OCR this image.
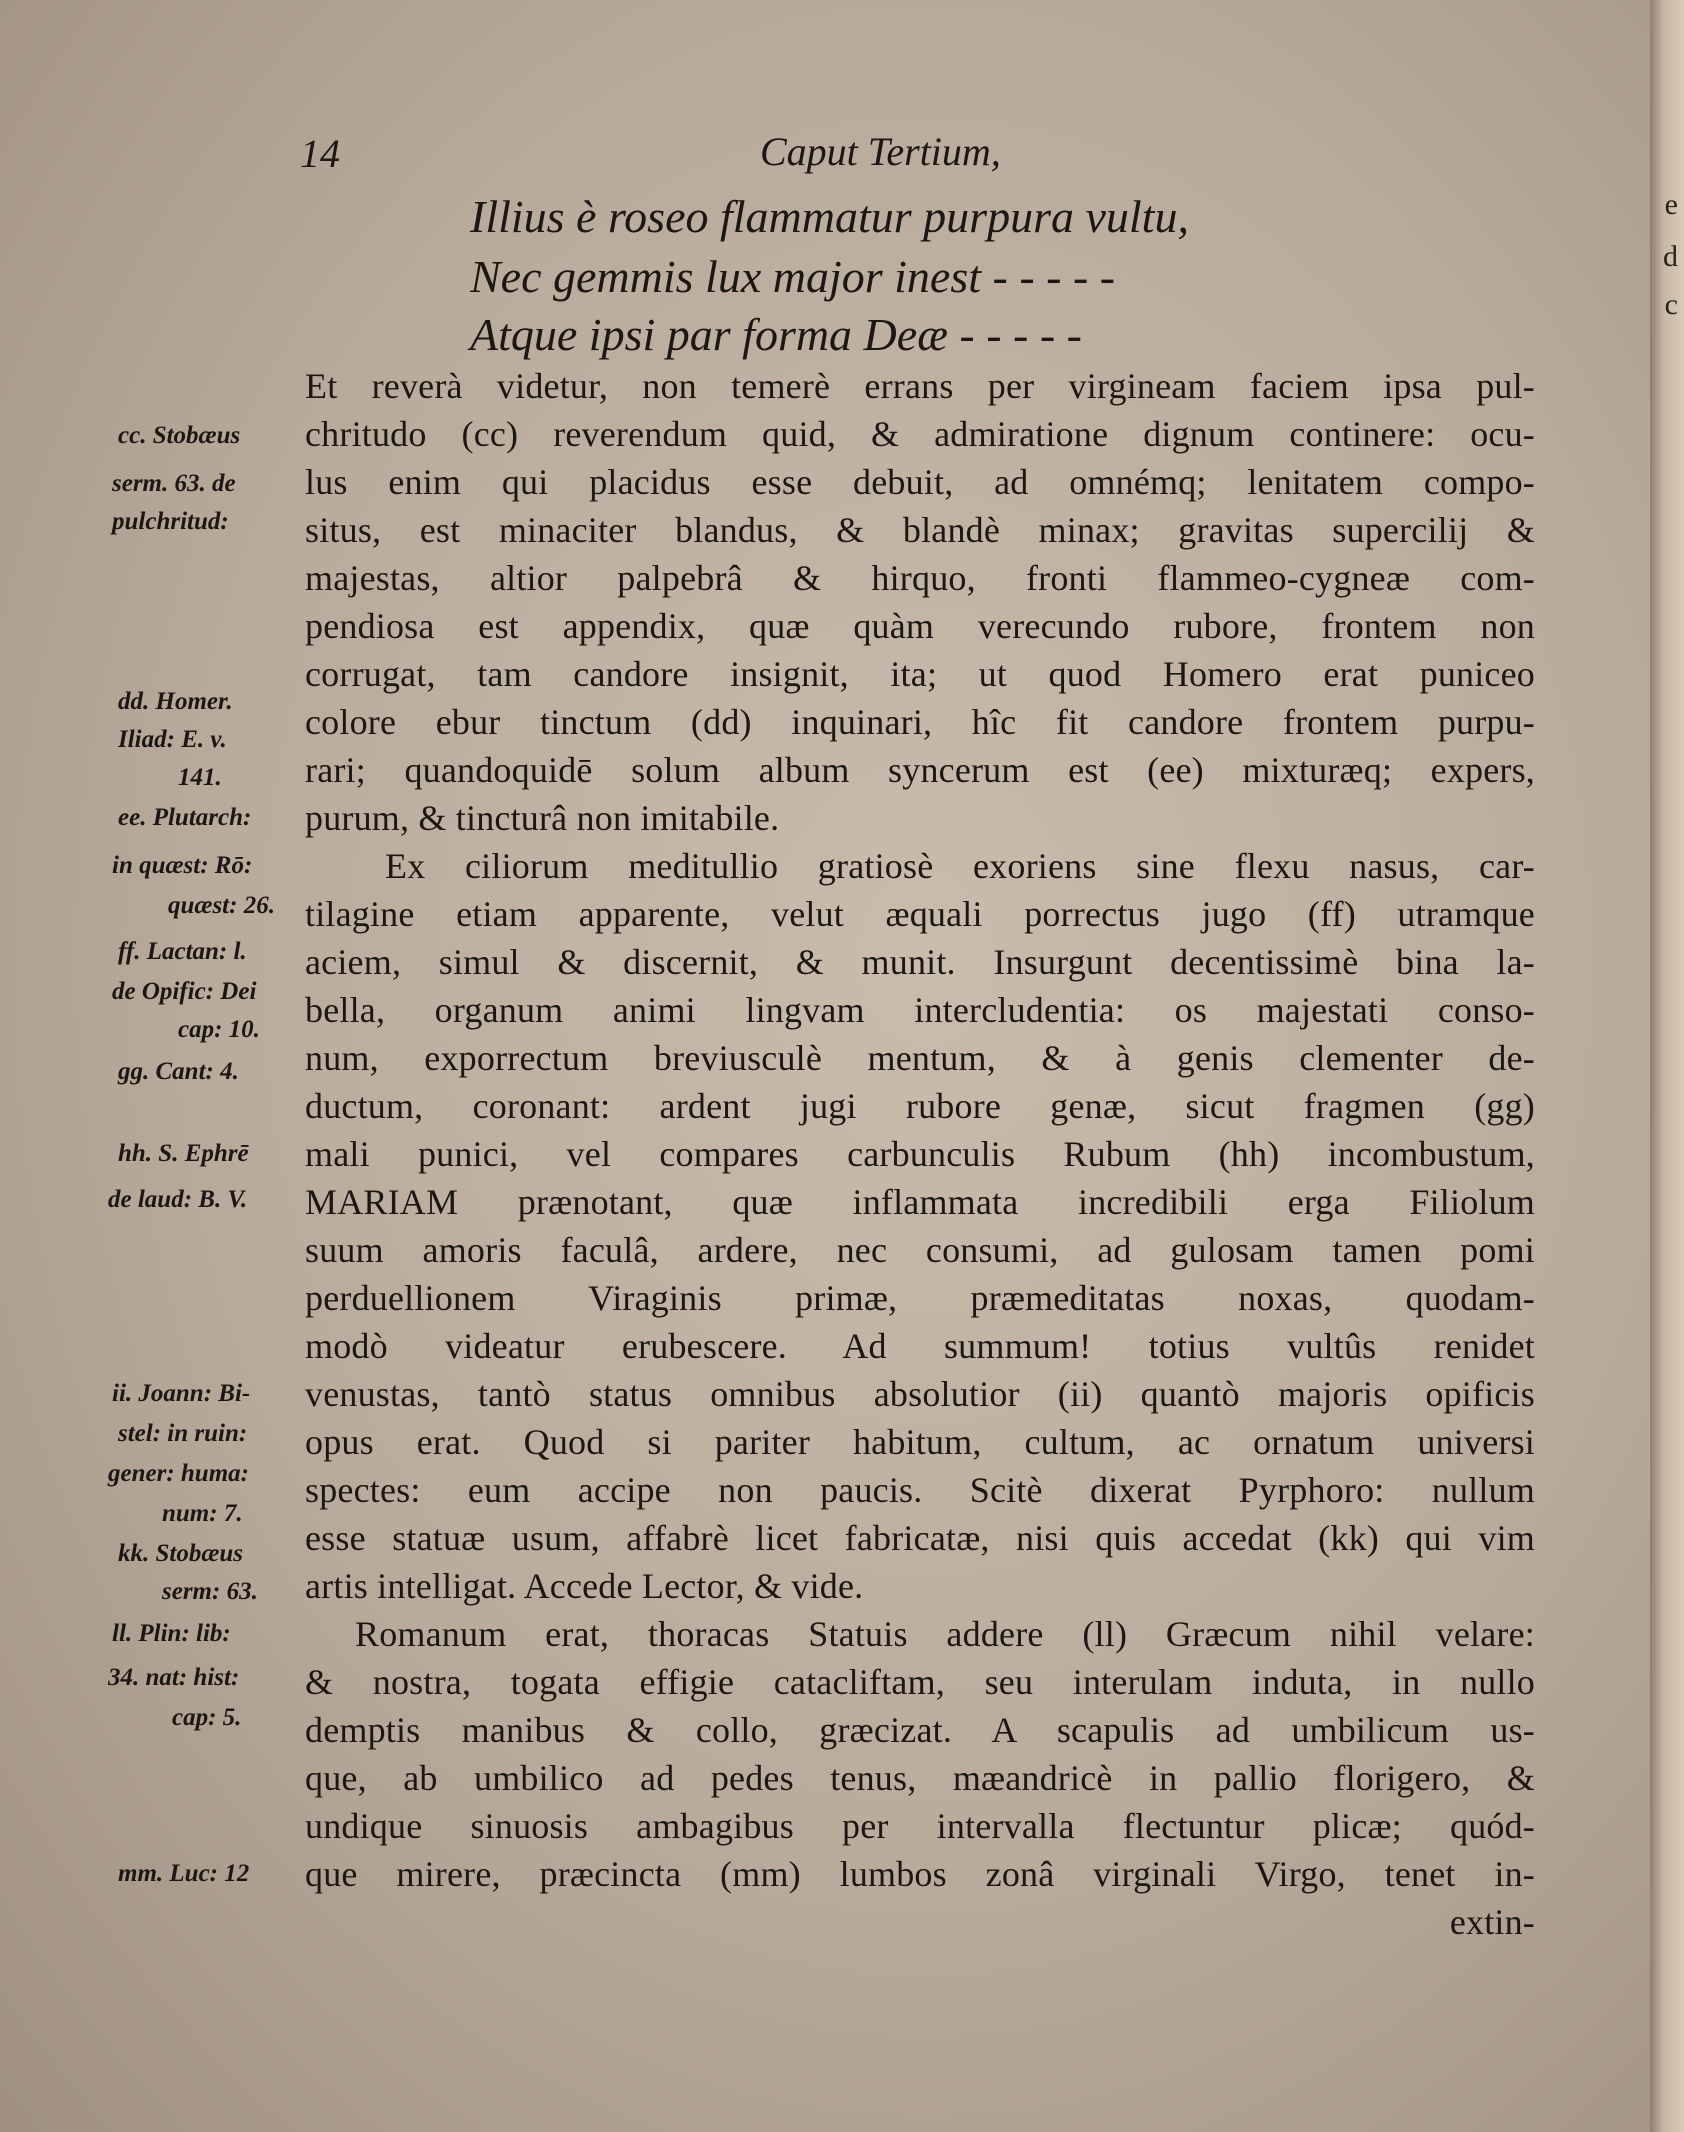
e
d
c
14	Caput Tertium,
Illius è roseo flammatur purpura vultu,
Nec gemmis lux major inest - - - - -
Atque ipsi par forma Deæ - - - - -
Et reverà videtur, non temerè errans per virgineam faciem ipsa pul-
chritudo (cc) reverendum quid, & admiratione dignum continere: ocu-
lus enim qui placidus esse debuit, ad omnémq; lenitatem compo-
situs, est minaciter blandus, & blandè minax; gravitas supercilij &
majestas, altior palpebrâ & hirquo, fronti flammeo-cygneæ com-
pendiosa est appendix, quæ quàm verecundo rubore, frontem non
corrugat, tam candore insignit, ita; ut quod Homero erat puniceo
colore ebur tinctum (dd) inquinari, hîc fit candore frontem purpu-
rari; quandoquidē solum album syncerum est (ee) mixturæq; expers,
purum, & tincturâ non imitabile.
Ex ciliorum meditullio gratiosè exoriens sine flexu nasus, car-
tilagine etiam apparente, velut æquali porrectus jugo (ff) utramque
aciem, simul & discernit, & munit. Insurgunt decentissimè bina la-
bella, organum animi lingvam intercludentia: os majestati conso-
num, exporrectum breviusculè mentum, & à genis clementer de-
ductum, coronant: ardent jugi rubore genæ, sicut fragmen (gg)
mali punici, vel compares carbunculis Rubum (hh) incombustum,
MARIAM prænotant, quæ inflammata incredibili erga Filiolum
suum amoris faculâ, ardere, nec consumi, ad gulosam tamen pomi
perduellionem Viraginis primæ, præmeditatas noxas, quodam-
modò videatur erubescere. Ad summum! totius vultûs renidet
venustas, tantò status omnibus absolutior (ii) quantò majoris opificis
opus erat. Quod si pariter habitum, cultum, ac ornatum universi
spectes: eum accipe non paucis. Scitè dixerat Pyrphoro: nullum
esse statuæ usum, affabrè licet fabricatæ, nisi quis accedat (kk) qui vim
artis intelligat. Accede Lector, & vide.
Romanum erat, thoracas Statuis addere (ll) Græcum nihil velare:
& nostra, togata effigie catacliftam, seu interulam induta, in nullo
demptis manibus & collo, græcizat. A scapulis ad umbilicum us-
que, ab umbilico ad pedes tenus, mæandricè in pallio florigero, &
undique sinuosis ambagibus per intervalla flectuntur plicæ; quód-
que mirere, præcincta (mm) lumbos zonâ virginali Virgo, tenet in-
extin-
cc. Stobæus
serm. 63. de
pulchritud:
dd. Homer.
Iliad: E. v.
141.
ee. Plutarch:
in quæst: Rō:
quæst: 26.
ff. Lactan: l.
de Opific: Dei
cap: 10.
gg. Cant: 4.
hh. S. Ephrē
de laud: B. V.
ii. Joann: Bi-
stel: in ruin:
gener: huma:
num: 7.
kk. Stobæus
serm: 63.
ll. Plin: lib:
34. nat: hist:
cap: 5.
mm. Luc: 12
